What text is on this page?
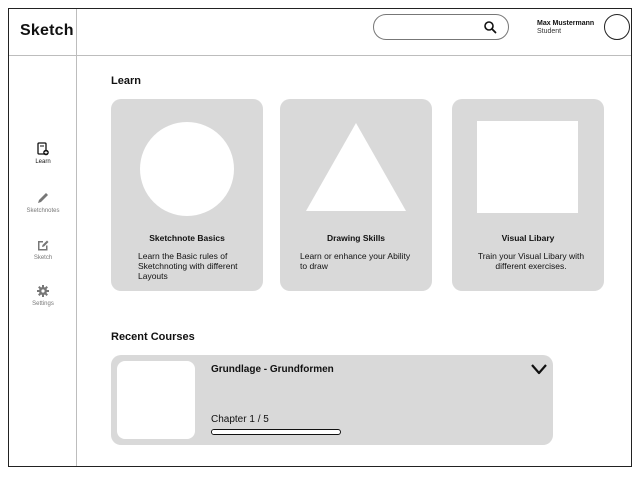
Sketch
Learn
Sketchnotes
Sketch
Settings
Max Mustermann
Student
Learn
Sketchnote Basics
Learn the Basic rules of Sketchnoting with different Layouts
Drawing Skills
Learn or enhance your Ability to draw
Visual Libary
Train your Visual Libary with different exercises.
Recent Courses
Grundlage - Grundformen
Chapter 1 / 5
